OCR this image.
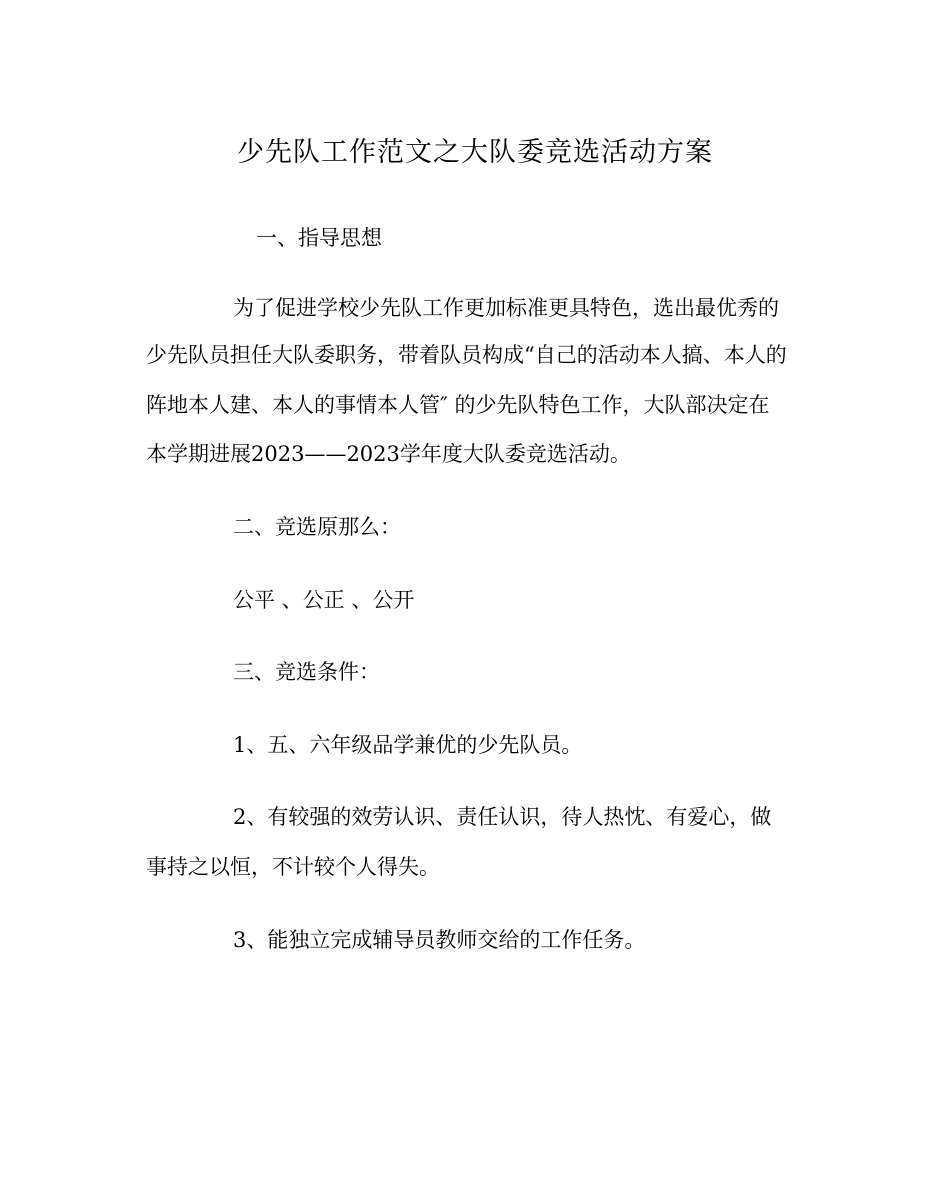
少先队工作范文之大队委竞选活动方案
一、指导思想
为了促进学校少先队工作更加标准更具特色，选出最优秀的
少先队员担任大队委职务，带着队员构成“自己的活动本人搞、本人的
阵地本人建、本人的事情本人管″ 的少先队特色工作，大队部决定在
本学期进展2023——2023学年度大队委竞选活动。
二、竞选原那么：
公平 、公正 、公开
三、竞选条件：
1、五、六年级品学兼优的少先队员。
2、有较强的效劳认识、责任认识，待人热忱、有爱心，做
事持之以恒，不计较个人得失。
3、能独立完成辅导员教师交给的工作任务。
